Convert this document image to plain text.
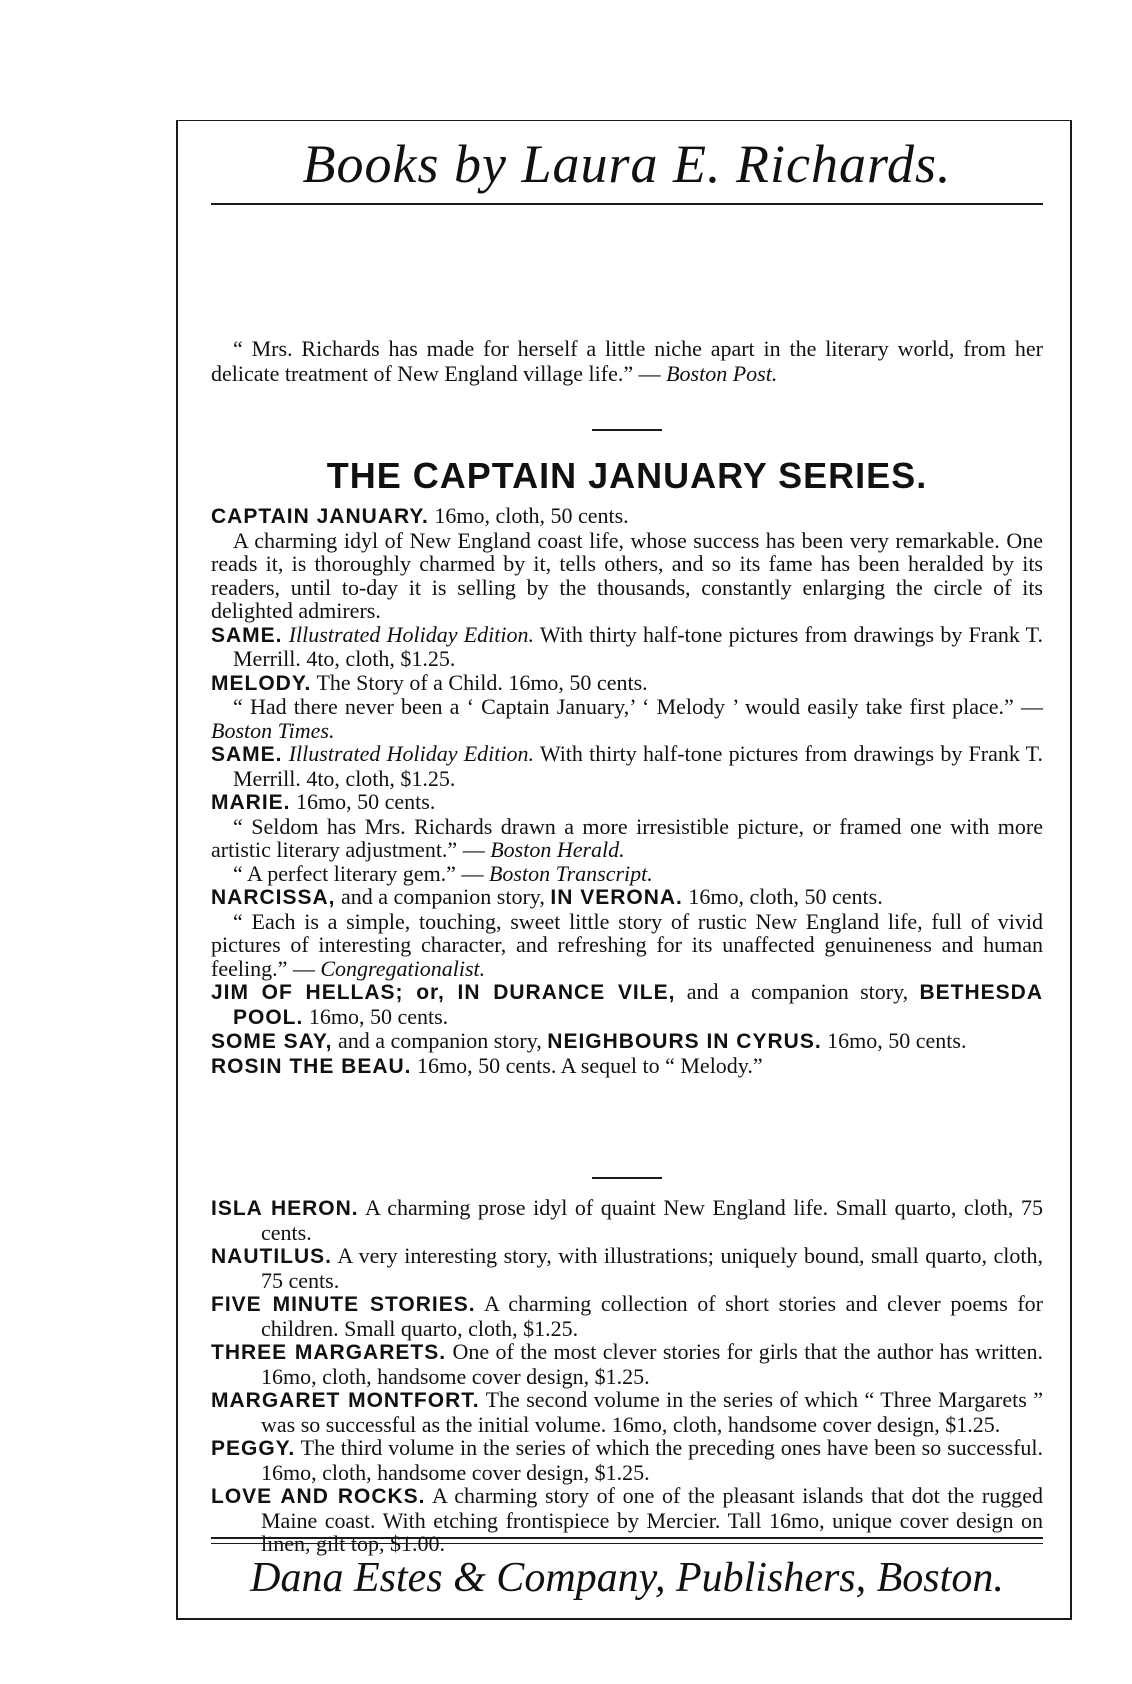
Books by Laura E. Richards.
“ Mrs. Richards has made for herself a little niche apart in the literary world, from her delicate treatment of New England village life.” — Boston Post.
THE CAPTAIN JANUARY SERIES.
CAPTAIN JANUARY. 16mo, cloth, 50 cents.
A charming idyl of New England coast life, whose success has been very remarkable. One reads it, is thoroughly charmed by it, tells others, and so its fame has been heralded by its readers, until to-day it is selling by the thousands, constantly enlarging the circle of its delighted admirers.
SAME. Illustrated Holiday Edition. With thirty half-tone pictures from drawings by Frank T. Merrill. 4to, cloth, $1.25.
MELODY. The Story of a Child. 16mo, 50 cents.
“ Had there never been a ‘ Captain January,’ ‘ Melody ’ would easily take first place.” — Boston Times.
SAME. Illustrated Holiday Edition. With thirty half-tone pictures from drawings by Frank T. Merrill. 4to, cloth, $1.25.
MARIE. 16mo, 50 cents.
“ Seldom has Mrs. Richards drawn a more irresistible picture, or framed one with more artistic literary adjustment.” — Boston Herald.
“ A perfect literary gem.” — Boston Transcript.
NARCISSA, and a companion story, IN VERONA. 16mo, cloth, 50 cents.
“ Each is a simple, touching, sweet little story of rustic New England life, full of vivid pictures of interesting character, and refreshing for its unaffected genuineness and human feeling.” — Congregationalist.
JIM OF HELLAS; or, IN DURANCE VILE, and a companion story, BETHESDA POOL. 16mo, 50 cents.
SOME SAY, and a companion story, NEIGHBOURS IN CYRUS. 16mo, 50 cents.
ROSIN THE BEAU. 16mo, 50 cents. A sequel to “ Melody.”
ISLA HERON. A charming prose idyl of quaint New England life. Small quarto, cloth, 75 cents.
NAUTILUS. A very interesting story, with illustrations; uniquely bound, small quarto, cloth, 75 cents.
FIVE MINUTE STORIES. A charming collection of short stories and clever poems for children. Small quarto, cloth, $1.25.
THREE MARGARETS. One of the most clever stories for girls that the author has written. 16mo, cloth, handsome cover design, $1.25.
MARGARET MONTFORT. The second volume in the series of which “ Three Margarets ” was so successful as the initial volume. 16mo, cloth, handsome cover design, $1.25.
PEGGY. The third volume in the series of which the preceding ones have been so successful. 16mo, cloth, handsome cover design, $1.25.
LOVE AND ROCKS. A charming story of one of the pleasant islands that dot the rugged Maine coast. With etching frontispiece by Mercier. Tall 16mo, unique cover design on linen, gilt top, $1.00.
Dana Estes & Company, Publishers, Boston.
